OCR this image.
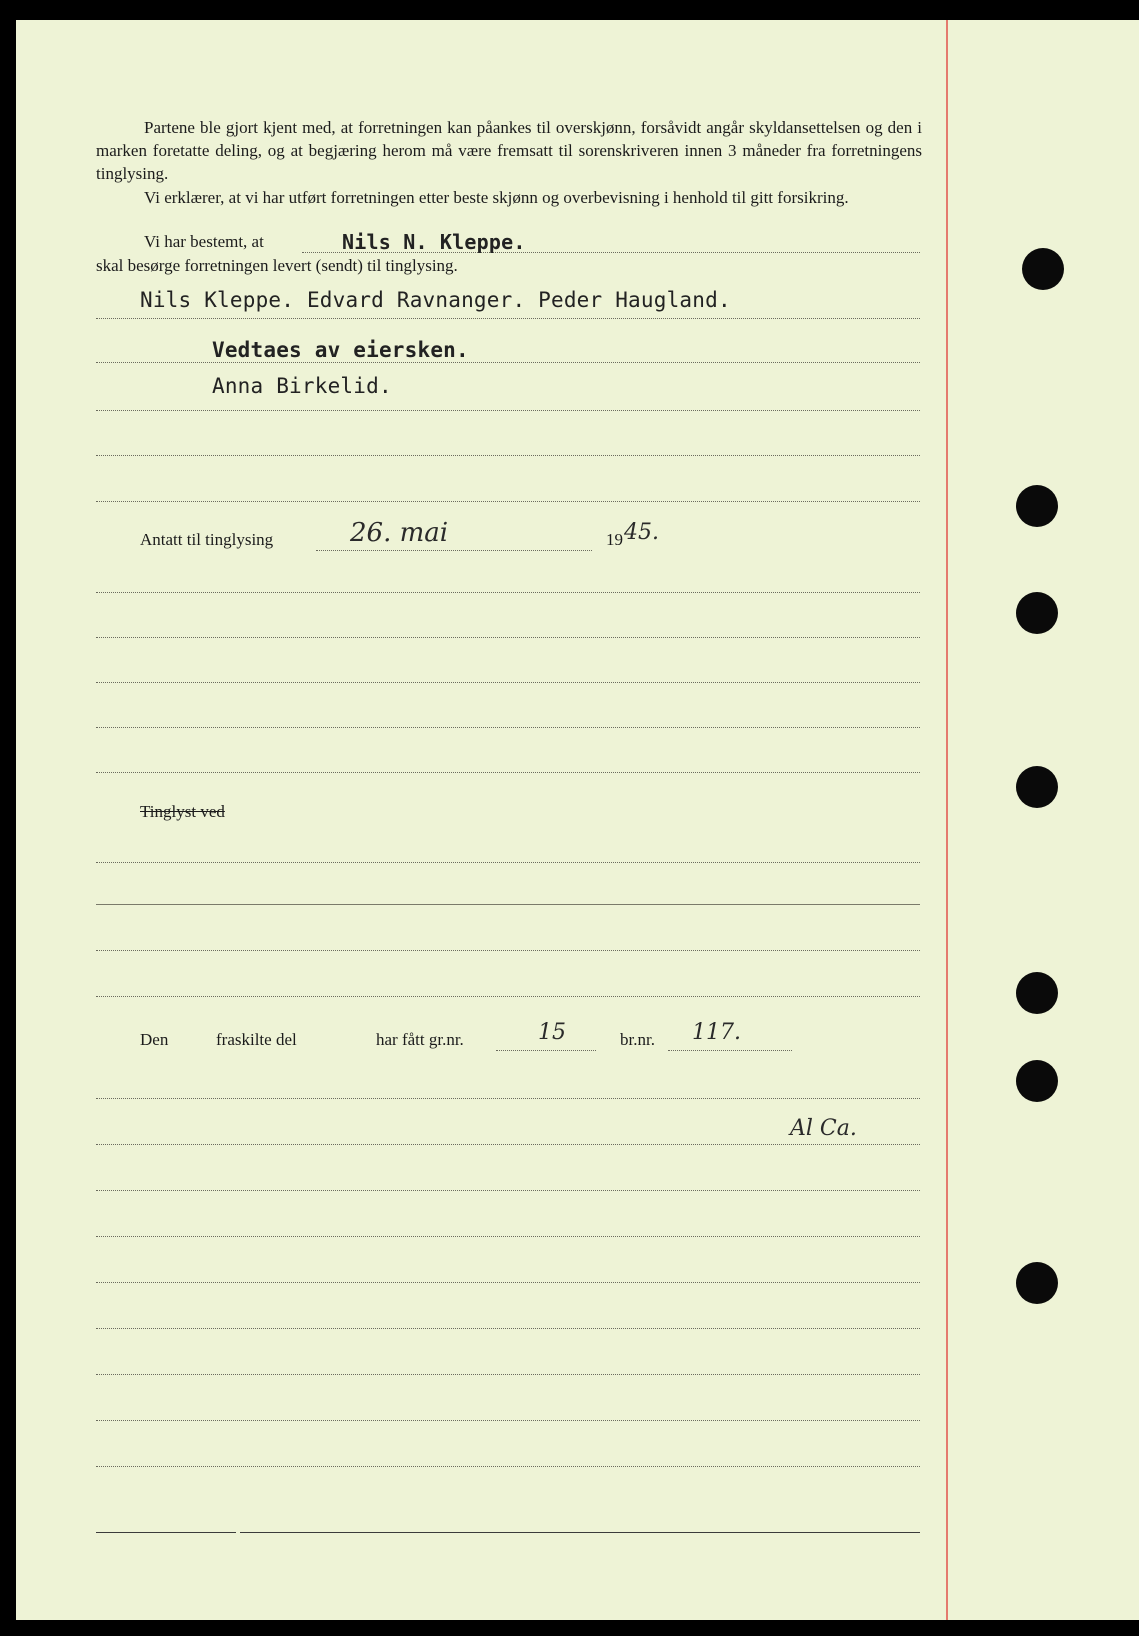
Partene ble gjort kjent med, at forretningen kan påankes til overskjønn, forsåvidt angår skyldansettelsen og den i marken foretatte deling, og at begjæring herom må være fremsatt til sorenskriveren innen 3 måneder fra forretningens tinglysing.
Vi erklærer, at vi har utført forretningen etter beste skjønn og overbevisning i henhold til gitt forsikring.
Vi har bestemt, at	Nils N. Kleppe.
skal besørge forretningen levert (sendt) til tinglysing.
Nils Kleppe. Edvard Ravnanger. Peder Haugland.
Vedtaes av eiersken.
Anna Birkelid.
Antatt til tinglysing	26. mai	19 45.
Tinglyst ved
Den	fraskilte del	har fått gr.nr.	15	br.nr. 117.
Al Ca.
